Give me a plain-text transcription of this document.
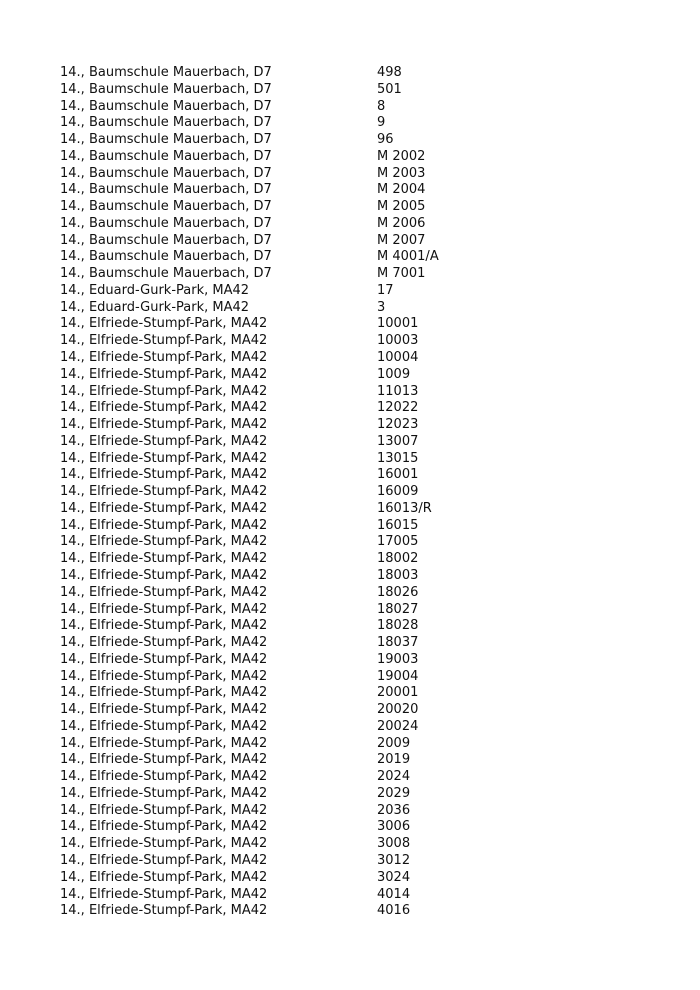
14., Baumschule Mauerbach, D7	498
14., Baumschule Mauerbach, D7	501
14., Baumschule Mauerbach, D7	8
14., Baumschule Mauerbach, D7	9
14., Baumschule Mauerbach, D7	96
14., Baumschule Mauerbach, D7	M 2002
14., Baumschule Mauerbach, D7	M 2003
14., Baumschule Mauerbach, D7	M 2004
14., Baumschule Mauerbach, D7	M 2005
14., Baumschule Mauerbach, D7	M 2006
14., Baumschule Mauerbach, D7	M 2007
14., Baumschule Mauerbach, D7	M 4001/A
14., Baumschule Mauerbach, D7	M 7001
14., Eduard-Gurk-Park, MA42	17
14., Eduard-Gurk-Park, MA42	3
14., Elfriede-Stumpf-Park, MA42	10001
14., Elfriede-Stumpf-Park, MA42	10003
14., Elfriede-Stumpf-Park, MA42	10004
14., Elfriede-Stumpf-Park, MA42	1009
14., Elfriede-Stumpf-Park, MA42	11013
14., Elfriede-Stumpf-Park, MA42	12022
14., Elfriede-Stumpf-Park, MA42	12023
14., Elfriede-Stumpf-Park, MA42	13007
14., Elfriede-Stumpf-Park, MA42	13015
14., Elfriede-Stumpf-Park, MA42	16001
14., Elfriede-Stumpf-Park, MA42	16009
14., Elfriede-Stumpf-Park, MA42	16013/R
14., Elfriede-Stumpf-Park, MA42	16015
14., Elfriede-Stumpf-Park, MA42	17005
14., Elfriede-Stumpf-Park, MA42	18002
14., Elfriede-Stumpf-Park, MA42	18003
14., Elfriede-Stumpf-Park, MA42	18026
14., Elfriede-Stumpf-Park, MA42	18027
14., Elfriede-Stumpf-Park, MA42	18028
14., Elfriede-Stumpf-Park, MA42	18037
14., Elfriede-Stumpf-Park, MA42	19003
14., Elfriede-Stumpf-Park, MA42	19004
14., Elfriede-Stumpf-Park, MA42	20001
14., Elfriede-Stumpf-Park, MA42	20020
14., Elfriede-Stumpf-Park, MA42	20024
14., Elfriede-Stumpf-Park, MA42	2009
14., Elfriede-Stumpf-Park, MA42	2019
14., Elfriede-Stumpf-Park, MA42	2024
14., Elfriede-Stumpf-Park, MA42	2029
14., Elfriede-Stumpf-Park, MA42	2036
14., Elfriede-Stumpf-Park, MA42	3006
14., Elfriede-Stumpf-Park, MA42	3008
14., Elfriede-Stumpf-Park, MA42	3012
14., Elfriede-Stumpf-Park, MA42	3024
14., Elfriede-Stumpf-Park, MA42	4014
14., Elfriede-Stumpf-Park, MA42	4016
